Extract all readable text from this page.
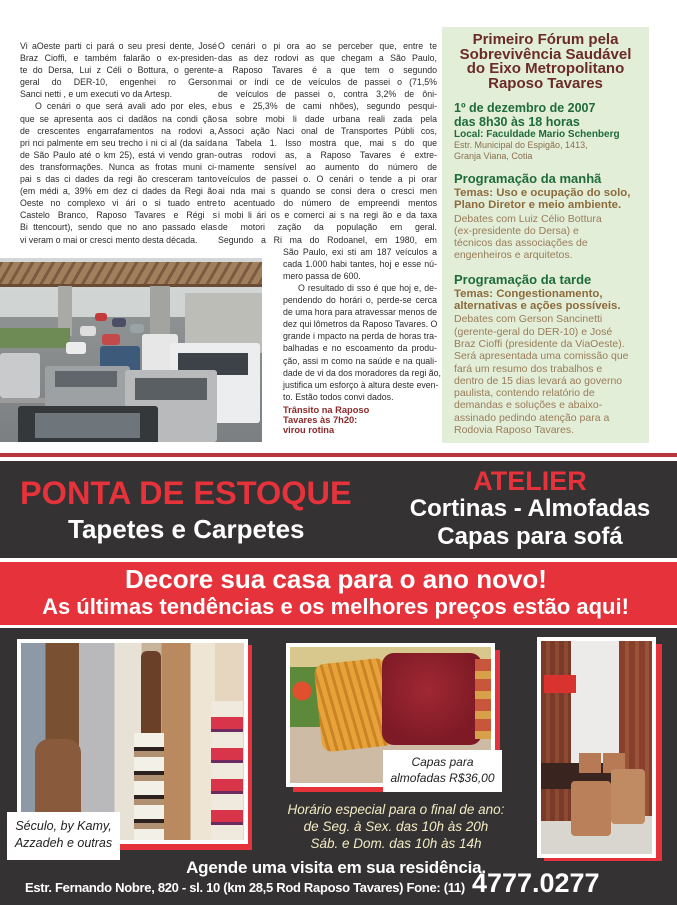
Vi aOeste parti ci pará o seu presi dente, José
Braz Cioffi, e também falarão o ex-presiden-
te do Dersa, Lui z Céli o Bottura, o gerente-
geral do DER-10, engenhei ro Gerson
Sanci netti , e um executi vo da Artesp.
O cenári o que será avali ado por eles, e
que se apresenta aos ci dadãos na condi ção
de crescentes engarrafamentos na rodovi a,
pri nci palmente em seu trecho i ni ci al (da saída
de São Paulo até o km 25), está vi vendo gran-
des transformações. Nunca as frotas muni ci-
pai s das ci dades da regi ão cresceram tanto
(em médi a, 39% em dez ci dades da Regi ão
Oeste no complexo vi ári o si tuado entre
Castelo Branco, Raposo Tavares e Régi s
Bi ttencourt), sendo que no ano passado elas
vi veram o mai or cresci mento desta década.
O cenári o pi ora ao se perceber que, entre te
das as dez rodovi as que chegam a São Paulo,
a Raposo Tavares é a que tem o segundo
mai or índi ce de veículos de passei o (71,5%
de veículos de passei o, contra 3,2% de ôni-
bus e 25,3% de cami nhões), segundo pesqui-
sa sobre mobi li dade urbana reali zada pela
Associ ação Naci onal de Transportes Públi cos,
na Tabela 1. Isso mostra que, mai s do que
outras rodovi as, a Raposo Tavares é extre-
mamente sensível ao aumento do número de
veículos de passei o. O cenári o tende a pi orar
ai nda mai s quando se consi dera o cresci men
to acentuado do número de empreendi mentos
i mobi li ári os e comerci ai s na regi ão e da taxa
de motori zação da população em geral.
Segundo a Ri ma do Rodoanel, em 1980, em
São Paulo, exi sti am 187 veículos a
cada 1.000 habi tantes, hoj e esse nú-
mero passa de 600.
O resultado di sso é que hoj e, de-
pendendo do horári o, perde-se cerca
de uma hora para atravessar menos de
dez qui lômetros da Raposo Tavares. O
grande i mpacto na perda de horas tra-
balhadas e no escoamento da produ-
ção, assi m como na saúde e na quali-
dade de vi da dos moradores da regi ão,
justifica um esforço à altura deste even-
to. Estão todos convi dados.
Trânsito na Raposo
Tavares às 7h20:
virou rotina
Primeiro Fórum pela
Sobrevivência Saudável
do Eixo Metropolitano
Raposo Tavares
1º de dezembro de 2007
das 8h30 às 18 horas
Local: Faculdade Mario Schenberg
Estr. Municipal do Espigão, 1413,
Granja Viana, Cotia
Programação da manhã
Temas: Uso e ocupação do solo,
Plano Diretor e meio ambiente.
Debates com Luiz Célio Bottura
(ex-presidente do Dersa) e
técnicos das associações de
engenheiros e arquitetos.
Programação da tarde
Temas: Congestionamento,
alternativas e ações possíveis.
Debates com Gerson Sancinetti
(gerente-geral do DER-10) e José
Braz Cioffi (presidente da ViaOeste).
Será apresentada uma comissão que
fará um resumo dos trabalhos e
dentro de 15 dias levará ao governo
paulista, contendo relatório de
demandas e soluções e abaixo-
assinado pedindo atenção para a
Rodovia Raposo Tavares.
PONTA DE ESTOQUE
Tapetes e Carpetes
ATELIER
Cortinas - Almofadas
Capas para sofá
Decore sua casa para o ano novo!
As últimas tendências e os melhores preços estão aqui!
Século, by Kamy,
Azzadeh e outras
Capas para
almofadas R$36,00
Horário especial para o final de ano:
de Seg. à Sex. das 10h às 20h
Sáb. e Dom. das 10h às 14h
Agende uma visita em sua residência.
Estr. Fernando Nobre, 820 - sl. 10 (km 28,5 Rod Raposo Tavares) Fone: (11) 4777.0277
